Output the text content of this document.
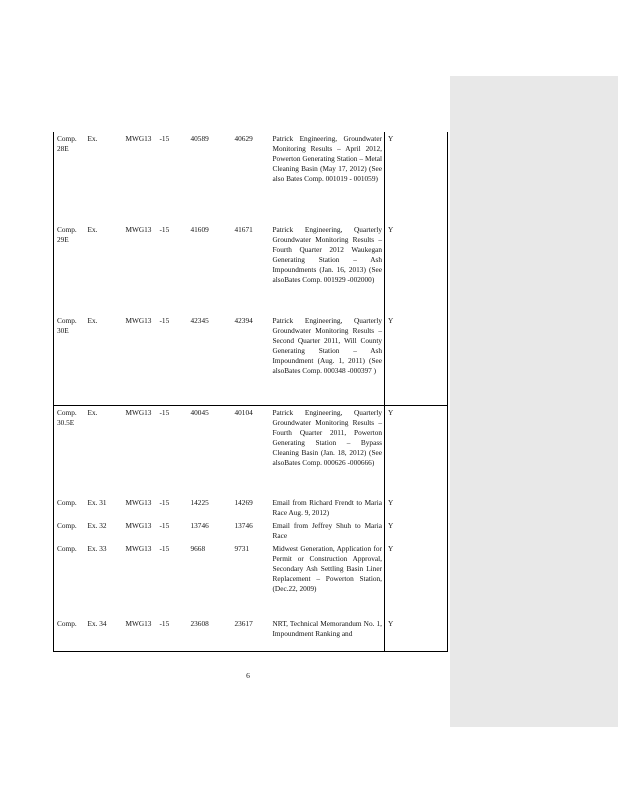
Comp. 28E	Ex.	MWG13	-15	40589	40629	Patrick Engineering, Groundwater Monitoring Results – April 2012, Powerton Generating Station – Metal Cleaning Basin (May 17, 2012) (See also Bates Comp. 001019 - 001059)	Y
Comp. 29E	Ex.	MWG13	-15	41609	41671	Patrick Engineering, Quarterly Groundwater Monitoring Results – Fourth Quarter 2012 Waukegan Generating Station – Ash Impoundments (Jan. 16, 2013) (See alsoBates Comp. 001929 -002000)	Y
Comp. 30E	Ex.	MWG13	-15	42345	42394	Patrick Engineering, Quarterly Groundwater Monitoring Results – Second Quarter 2011, Will County Generating Station – Ash Impoundment (Aug. 1, 2011) (See alsoBates Comp. 000348 -000397 )	Y
Comp. 30.5E	Ex.	MWG13	-15	40045	40104	Patrick Engineering, Quarterly Groundwater Monitoring Results – Fourth Quarter 2011, Powerton Generating Station – Bypass Cleaning Basin (Jan. 18, 2012) (See alsoBates Comp. 000626 -000666)	Y
Comp.	Ex. 31	MWG13	-15	14225	14269	Email from Richard Frendt to Maria Race Aug. 9, 2012)	Y
Comp.	Ex. 32	MWG13	-15	13746	13746	Email from Jeffrey Shuh to Maria Race	Y
Comp.	Ex. 33	MWG13	-15	9668	9731	Midwest Generation, Application for Permit or Construction Approval, Secondary Ash Settling Basin Liner Replacement – Powerton Station, (Dec.22, 2009)	Y
Comp.	Ex. 34	MWG13	-15	23608	23617	NRT, Technical Memorandum No. 1, Impoundment Ranking and	Y
6
